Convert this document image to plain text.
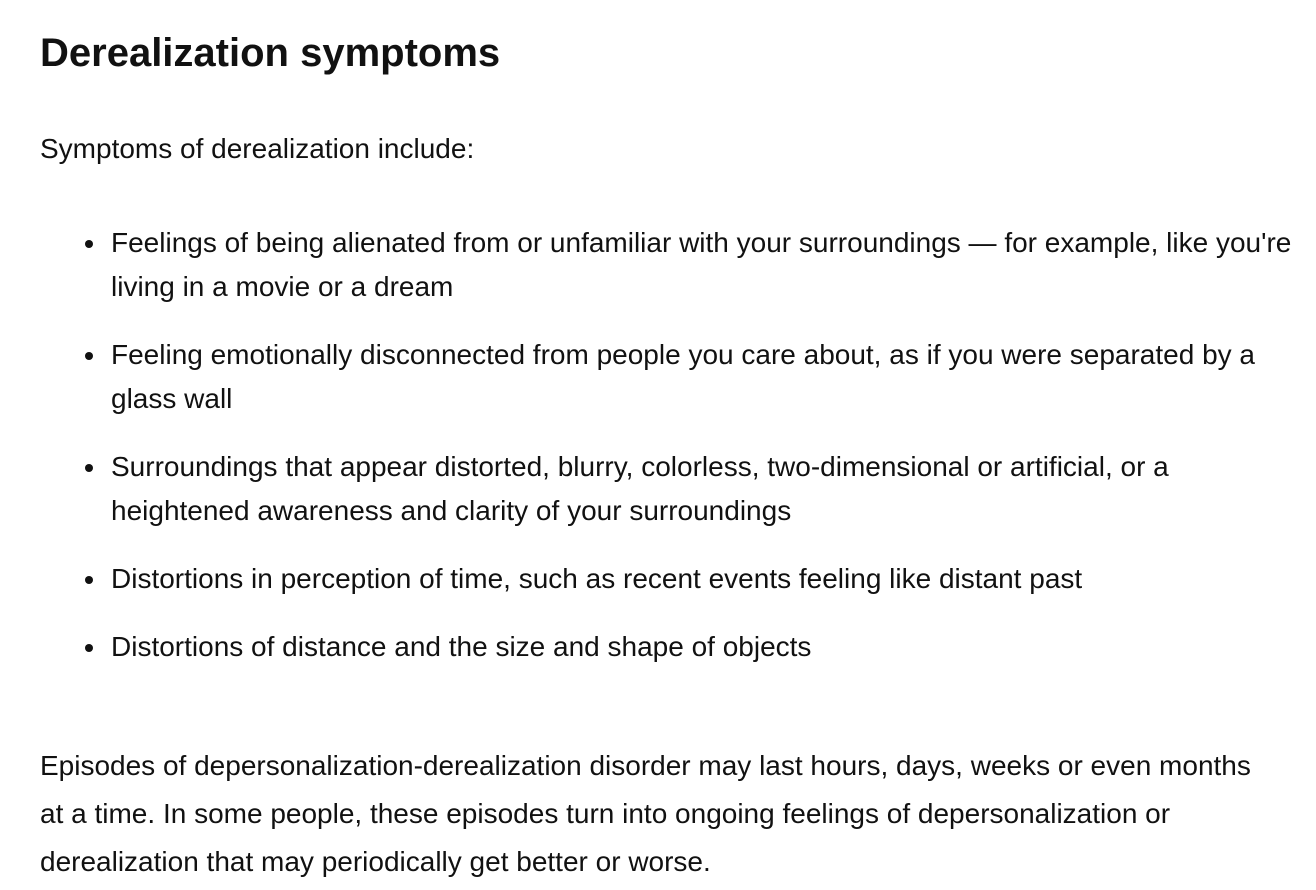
Derealization symptoms

Symptoms of derealization include:

Feelings of being alienated from or unfamiliar with your surroundings — for example, like you're living in a movie or a dream
Feeling emotionally disconnected from people you care about, as if you were separated by a glass wall
Surroundings that appear distorted, blurry, colorless, two-dimensional or artificial, or a heightened awareness and clarity of your surroundings
Distortions in perception of time, such as recent events feeling like distant past
Distortions of distance and the size and shape of objects

Episodes of depersonalization-derealization disorder may last hours, days, weeks or even months at a time. In some people, these episodes turn into ongoing feelings of depersonalization or derealization that may periodically get better or worse.
